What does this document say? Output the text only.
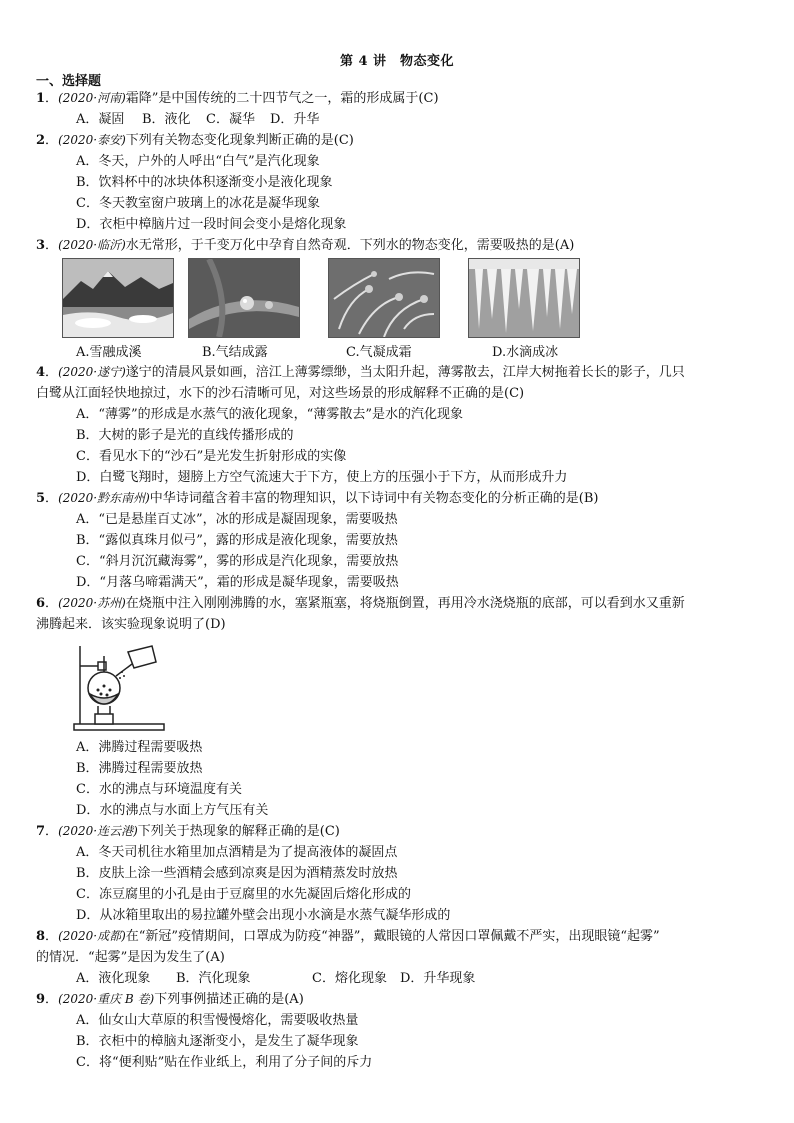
第 4 讲　物态变化
一、选择题
1．(2020·河南)霜降”是中国传统的二十四节气之一，霜的形成属于(C)
A．凝固 B．液化 C．凝华 D．升华
2．(2020·泰安)下列有关物态变化现象判断正确的是(C)
A．冬天，户外的人呼出“白气”是汽化现象
B．饮料杯中的冰块体积逐渐变小是液化现象
C．冬天教室窗户玻璃上的冰花是凝华现象
D．衣柜中樟脑片过一段时间会变小是熔化现象
3．(2020·临沂)水无常形，于千变万化中孕育自然奇观．下列水的物态变化，需要吸热的是(A)
A.雪融成溪	B.气结成露	C.气凝成霜	D.水滴成冰
4．(2020·遂宁)遂宁的清晨风景如画，涪江上薄雾缥缈，当太阳升起，薄雾散去，江岸大树拖着长长的影子，几只
白鹭从江面轻快地掠过，水下的沙石清晰可见，对这些场景的形成解释不正确的是(C)
A．“薄雾”的形成是水蒸气的液化现象，“薄雾散去”是水的汽化现象
B．大树的影子是光的直线传播形成的
C．看见水下的“沙石”是光发生折射形成的实像
D．白鹭飞翔时，翅膀上方空气流速大于下方，使上方的压强小于下方，从而形成升力
5．(2020·黔东南州)中华诗词蕴含着丰富的物理知识，以下诗词中有关物态变化的分析正确的是(B)
A．“已是悬崖百丈冰”，冰的形成是凝固现象，需要吸热
B．“露似真珠月似弓”，露的形成是液化现象，需要放热
C．“斜月沉沉藏海雾”，雾的形成是汽化现象，需要放热
D．“月落乌啼霜满天”，霜的形成是凝华现象，需要吸热
6．(2020·苏州)在烧瓶中注入刚刚沸腾的水，塞紧瓶塞，将烧瓶倒置，再用冷水浇烧瓶的底部，可以看到水又重新
沸腾起来．该实验现象说明了(D)
A．沸腾过程需要吸热
B．沸腾过程需要放热
C．水的沸点与环境温度有关
D．水的沸点与水面上方气压有关
7．(2020·连云港)下列关于热现象的解释正确的是(C)
A．冬天司机往水箱里加点酒精是为了提高液体的凝固点
B．皮肤上涂一些酒精会感到凉爽是因为酒精蒸发时放热
C．冻豆腐里的小孔是由于豆腐里的水先凝固后熔化形成的
D．从冰箱里取出的易拉罐外壁会出现小水滴是水蒸气凝华形成的
8．(2020·成都)在“新冠”疫情期间，口罩成为防疫“神器”，戴眼镜的人常因口罩佩戴不严实，出现眼镜“起雾”
的情况．“起雾”是因为发生了(A)
A．液化现象 B．汽化现象	C．熔化现象 D．升华现象
9．(2020·重庆 B 卷)下列事例描述正确的是(A)
A．仙女山大草原的积雪慢慢熔化，需要吸收热量
B．衣柜中的樟脑丸逐渐变小，是发生了凝华现象
C．将“便利贴”贴在作业纸上，利用了分子间的斥力
